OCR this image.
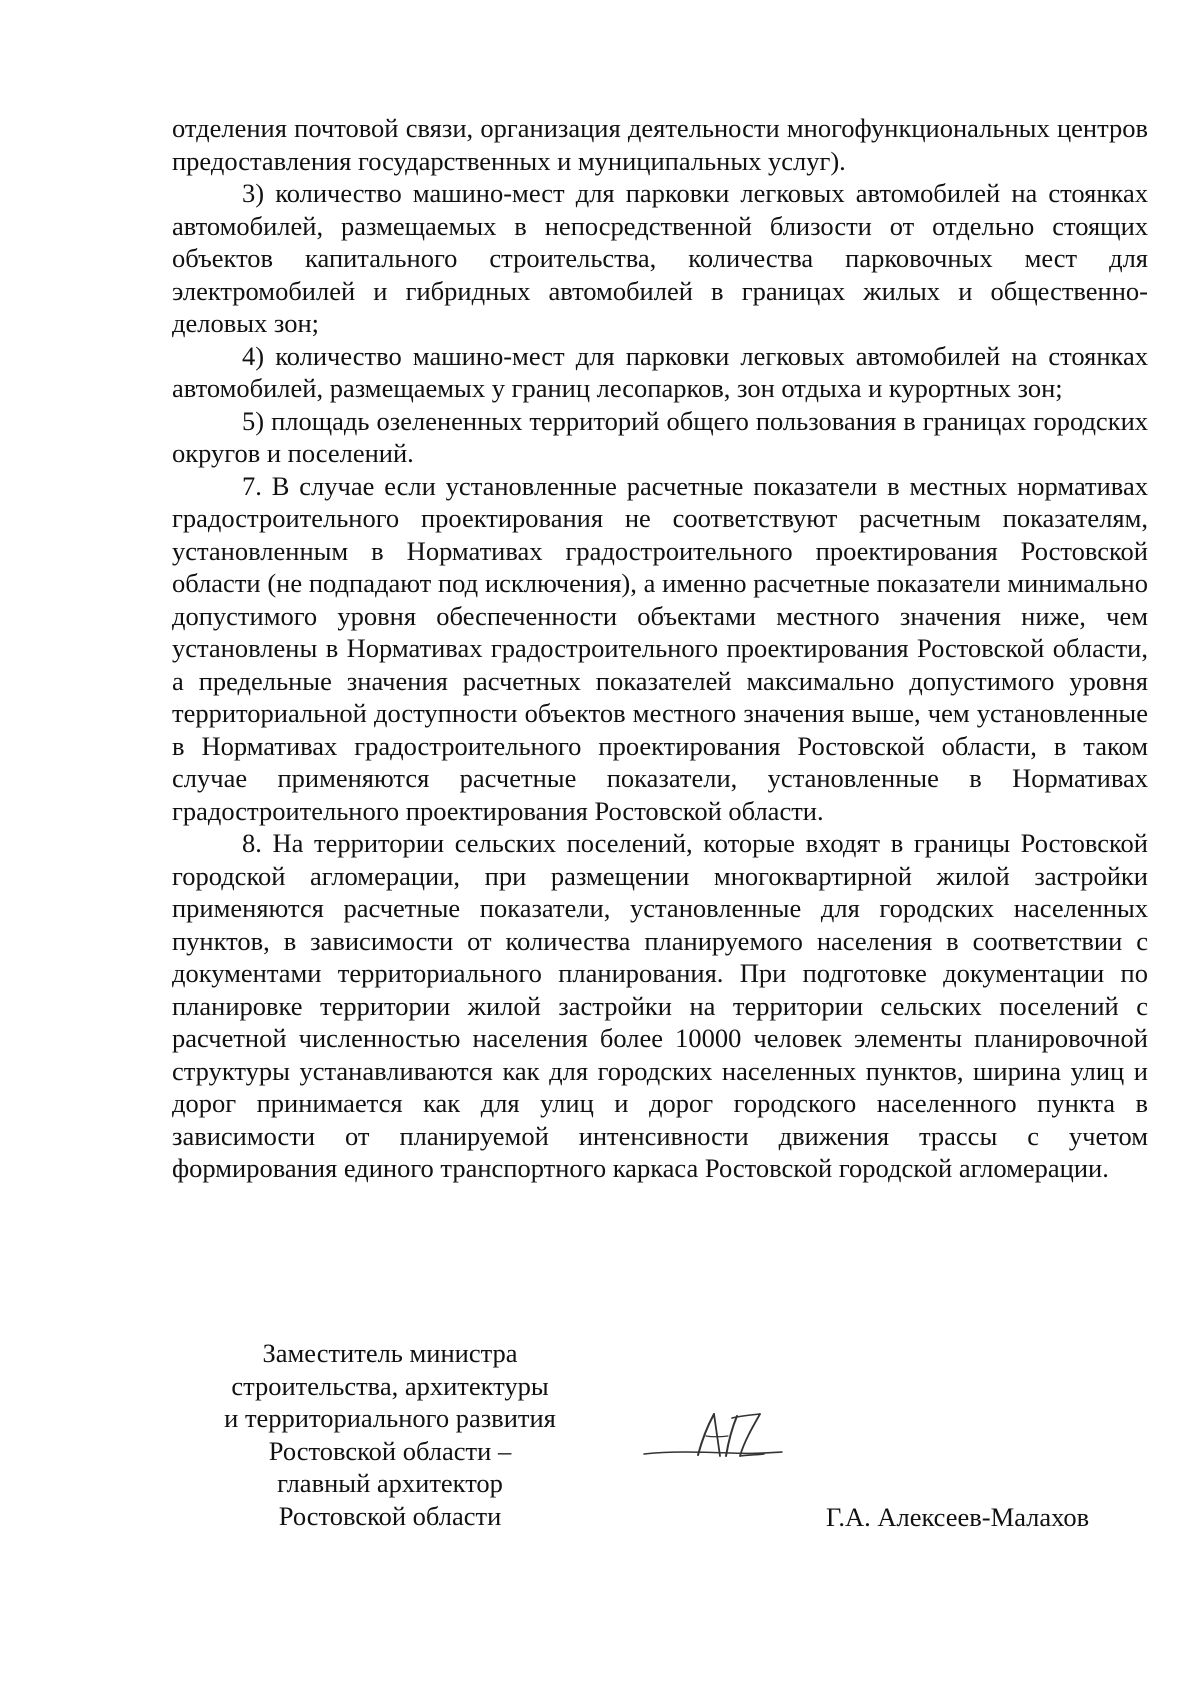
отделения почтовой связи, организация деятельности многофункциональных центров предоставления государственных и муниципальных услуг).

3) количество машино-мест для парковки легковых автомобилей на стоянках автомобилей, размещаемых в непосредственной близости от отдельно стоящих объектов капитального строительства, количества парковочных мест для электромобилей и гибридных автомобилей в границах жилых и общественно-деловых зон;

4) количество машино-мест для парковки легковых автомобилей на стоянках автомобилей, размещаемых у границ лесопарков, зон отдыха и курортных зон;

5) площадь озелененных территорий общего пользования в границах городских округов и поселений.

7. В случае если установленные расчетные показатели в местных нормативах градостроительного проектирования не соответствуют расчетным показателям, установленным в Нормативах градостроительного проектирования Ростовской области (не подпадают под исключения), а именно расчетные показатели минимально допустимого уровня обеспеченности объектами местного значения ниже, чем установлены в Нормативах градостроительного проектирования Ростовской области, а предельные значения расчетных показателей максимально допустимого уровня территориальной доступности объектов местного значения выше, чем установленные в Нормативах градостроительного проектирования Ростовской области, в таком случае применяются расчетные показатели, установленные в Нормативах градостроительного проектирования Ростовской области.

8. На территории сельских поселений, которые входят в границы Ростовской городской агломерации, при размещении многоквартирной жилой застройки применяются расчетные показатели, установленные для городских населенных пунктов, в зависимости от количества планируемого населения в соответствии с документами территориального планирования. При подготовке документации по планировке территории жилой застройки на территории сельских поселений с расчетной численностью населения более 10000 человек элементы планировочной структуры устанавливаются как для городских населенных пунктов, ширина улиц и дорог принимается как для улиц и дорог городского населенного пункта в зависимости от планируемой интенсивности движения трассы с учетом формирования единого транспортного каркаса Ростовской городской агломерации.

Заместитель министра
строительства, архитектуры
и территориального развития
Ростовской области –
главный архитектор
Ростовской области	Г.А. Алексеев-Малахов
